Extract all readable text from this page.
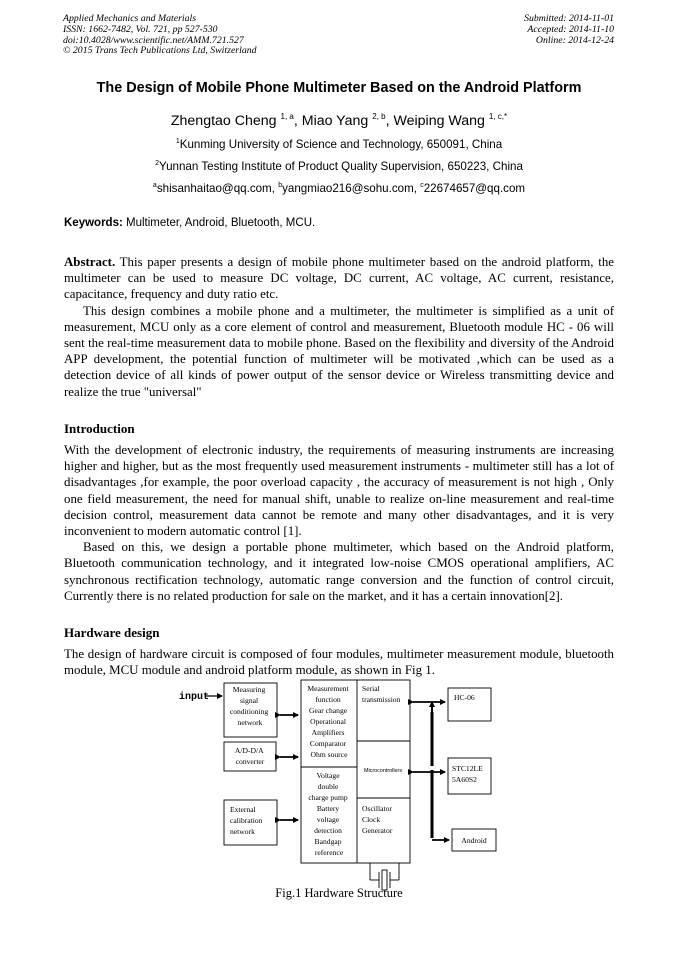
Applied Mechanics and Materials
ISSN: 1662-7482, Vol. 721, pp 527-530
doi:10.4028/www.scientific.net/AMM.721.527
© 2015 Trans Tech Publications Ltd, Switzerland
Submitted: 2014-11-01
Accepted: 2014-11-10
Online: 2014-12-24
The Design of Mobile Phone Multimeter Based on the Android Platform
Zhengtao Cheng $^{1, a}$, Miao Yang $^{2, b}$, Weiping Wang $^{1, c,*}$
$^1$Kunming University of Science and Technology, 650091, China
$^2$Yunnan Testing Institute of Product Quality Supervision, 650223, China
$^a$shisanhaitao@qq.com, $^b$yangmiao216@sohu.com, $^c$22674657@qq.com
Keywords: Multimeter, Android, Bluetooth, MCU.

Abstract. This paper presents a design of mobile phone multimeter based on the android platform, the multimeter can be used to measure DC voltage, DC current, AC voltage, AC current, resistance, capacitance, frequency and duty ratio etc.

This design combines a mobile phone and a multimeter, the multimeter is simplified as a unit of measurement, MCU only as a core element of control and measurement, Bluetooth module HC - 06 will sent the real-time measurement data to mobile phone. Based on the flexibility and diversity of the Android APP development, the potential function of multimeter will be motivated ,which can be used as a detection device of all kinds of power output of the sensor device or Wireless transmitting device and realize the true "universal"

Introduction

With the development of electronic industry, the requirements of measuring instruments are increasing higher and higher, but as the most frequently used measurement instruments - multimeter still has a lot of disadvantages ,for example, the poor overload capacity , the accuracy of measurement is not high , Only one field measurement, the need for manual shift, unable to realize on-line measurement and real-time decision control, measurement data cannot be remote and many other disadvantages, and it is very inconvenient to modern automatic control [1].

Based on this, we design a portable phone multimeter, which based on the Android platform, Bluetooth communication technology, and it integrated low-noise CMOS operational amplifiers, AC synchronous rectification technology, automatic range conversion and the function of control circuit, Currently there is no related production for sale on the market, and it has a certain innovation[2].

Hardware design

The design of hardware circuit is composed of four modules, multimeter measurement module, bluetooth module, MCU module and android platform module, as shown in Fig 1.

input
Measuring signal conditioning network
A/D-D/A converter
External calibration network
Measurement function Gear change Operational Amplifiers Comparator Ohm source
Voltage double charge pump Battery voltage detection Bandgap reference
Serial transmission
Microcontrollers
Oscillator Clock Generator
HC-06
STC12LE 5A60S2
Android
Fig.1 Hardware Structure
